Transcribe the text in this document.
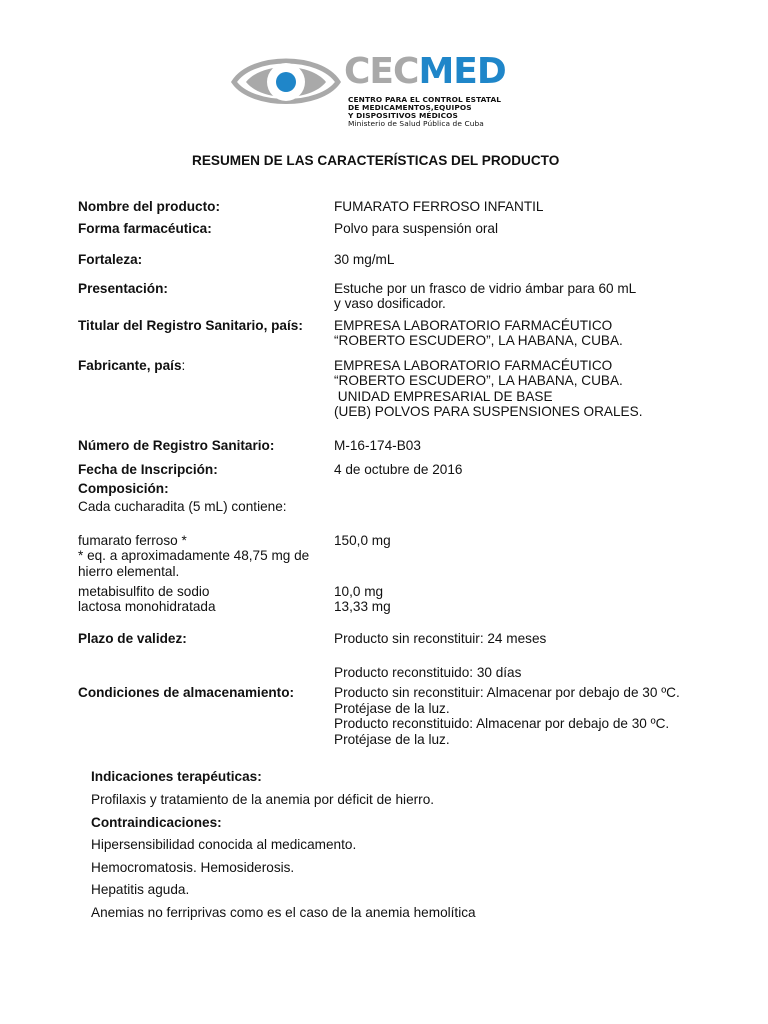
CECMED
CENTRO PARA EL CONTROL ESTATAL
DE MEDICAMENTOS,EQUIPOS
Y DISPOSITIVOS MÉDICOS
Ministerio de Salud Pública de Cuba
RESUMEN DE LAS CARACTERÍSTICAS DEL PRODUCTO
Nombre del producto:	FUMARATO FERROSO INFANTIL
Forma farmacéutica:	Polvo para suspensión oral
Fortaleza:	30 mg/mL
Presentación:	Estuche por un frasco de vidrio ámbar para 60 mL
y vaso dosificador.
Titular del Registro Sanitario, país: EMPRESA LABORATORIO FARMACÉUTICO
“ROBERTO ESCUDERO”, LA HABANA, CUBA.
Fabricante, país:	EMPRESA LABORATORIO FARMACÉUTICO
“ROBERTO ESCUDERO”, LA HABANA, CUBA.
UNIDAD EMPRESARIAL DE BASE
(UEB) POLVOS PARA SUSPENSIONES ORALES.
Número de Registro Sanitario:	M-16-174-B03
Fecha de Inscripción:	4 de octubre de 2016
Composición:
Cada cucharadita (5 mL) contiene:
fumarato ferroso *	150,0 mg
* eq. a aproximadamente 48,75 mg de
hierro elemental.
metabisulfito de sodio	10,0 mg
lactosa monohidratada	13,33 mg
Plazo de validez:	Producto sin reconstituir: 24 meses
Producto reconstituido: 30 días
Condiciones de almacenamiento:	Producto sin reconstituir: Almacenar por debajo de 30 ºC.
Protéjase de la luz.
Producto reconstituido: Almacenar por debajo de 30 ºC.
Protéjase de la luz.
Indicaciones terapéuticas:
Profilaxis y tratamiento de la anemia por déficit de hierro.
Contraindicaciones:
Hipersensibilidad conocida al medicamento.
Hemocromatosis. Hemosiderosis.
Hepatitis aguda.
Anemias no ferriprivas como es el caso de la anemia hemolítica
